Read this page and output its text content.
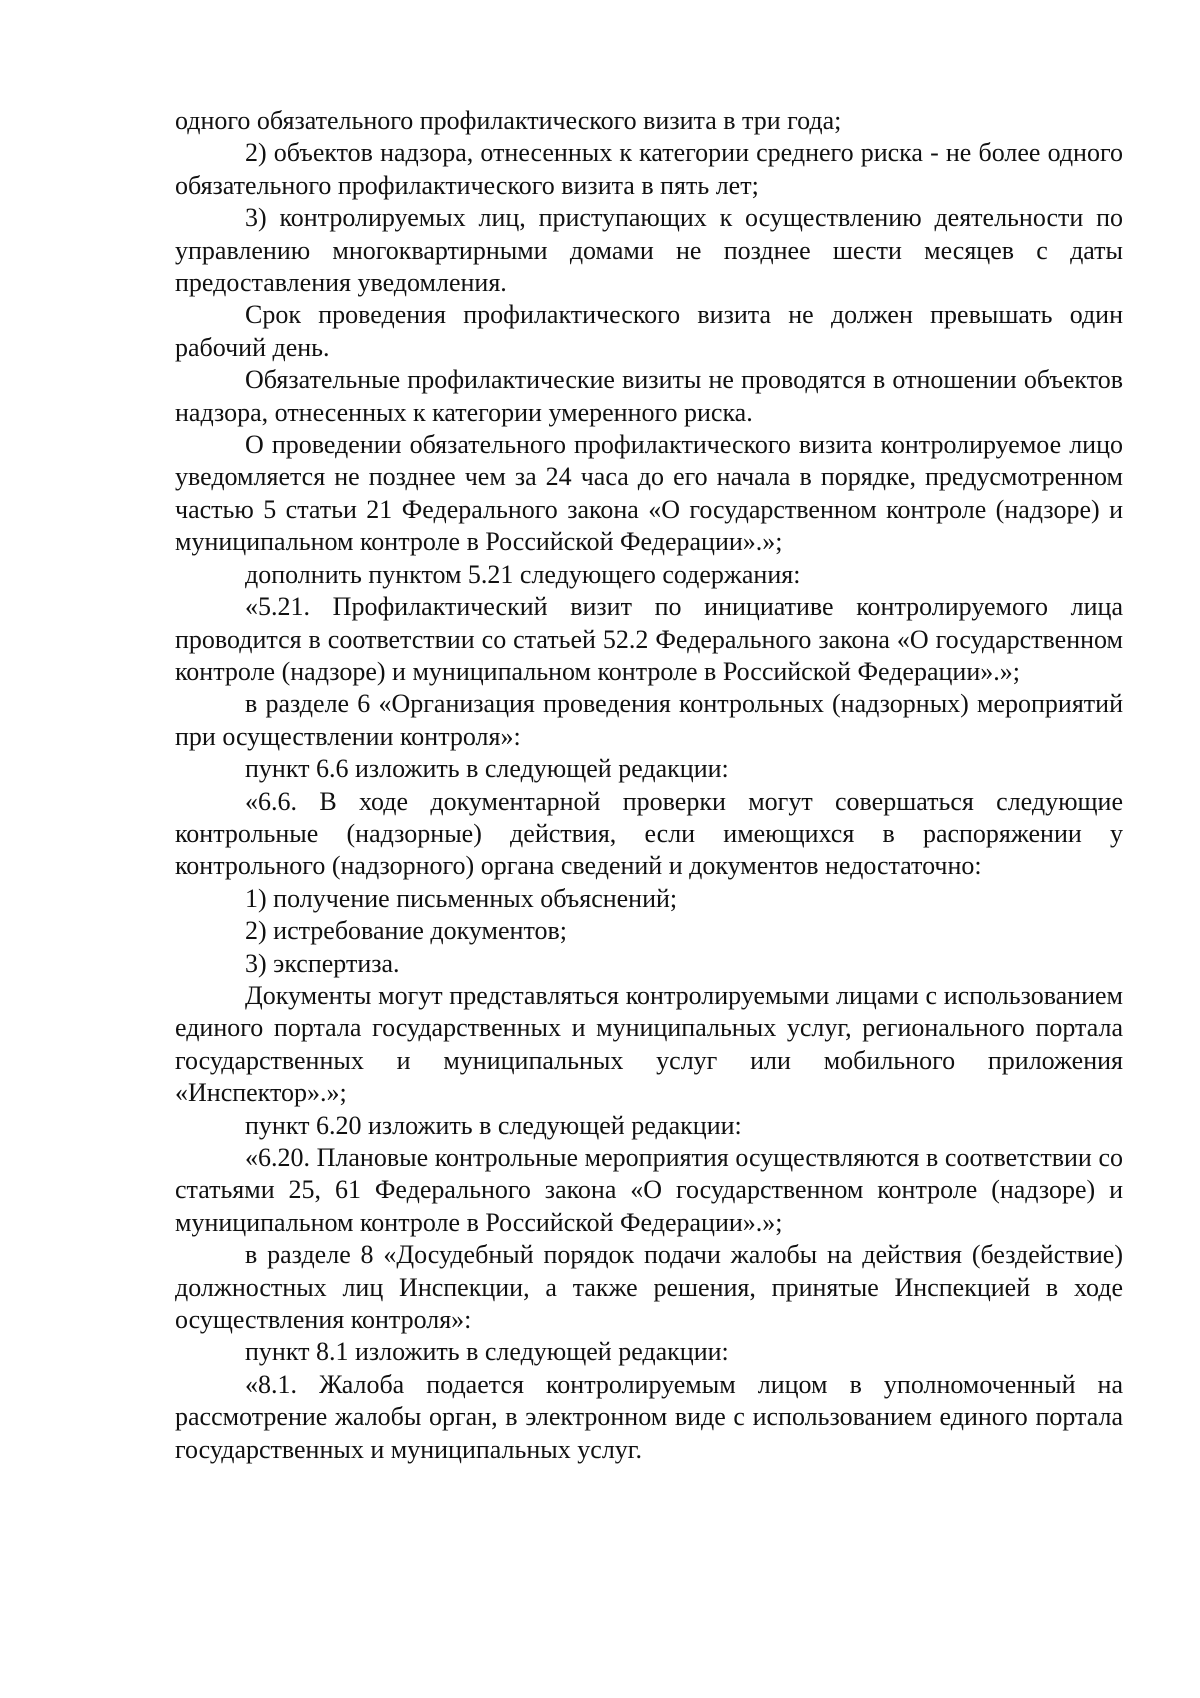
одного обязательного профилактического визита в три года;

2) объектов надзора, отнесенных к категории среднего риска - не более одного обязательного профилактического визита в пять лет;

3) контролируемых лиц, приступающих к осуществлению деятельности по управлению многоквартирными домами не позднее шести месяцев с даты предоставления уведомления.

Срок проведения профилактического визита не должен превышать один рабочий день.

Обязательные профилактические визиты не проводятся в отношении объектов надзора, отнесенных к категории умеренного риска.

О проведении обязательного профилактического визита контролируемое лицо уведомляется не позднее чем за 24 часа до его начала в порядке, предусмотренном частью 5 статьи 21 Федерального закона «О государственном контроле (надзоре) и муниципальном контроле в Российской Федерации».»;

дополнить пунктом 5.21 следующего содержания:

«5.21. Профилактический визит по инициативе контролируемого лица проводится в соответствии со статьей 52.2 Федерального закона «О государственном контроле (надзоре) и муниципальном контроле в Российской Федерации».»;

в разделе 6 «Организация проведения контрольных (надзорных) мероприятий при осуществлении контроля»:

пункт 6.6 изложить в следующей редакции:

«6.6. В ходе документарной проверки могут совершаться следующие контрольные (надзорные) действия, если имеющихся в распоряжении у контрольного (надзорного) органа сведений и документов недостаточно:

1) получение письменных объяснений;

2) истребование документов;

3) экспертиза.

Документы могут представляться контролируемыми лицами с использованием единого портала государственных и муниципальных услуг, регионального портала государственных и муниципальных услуг или мобильного приложения «Инспектор».»;

пункт 6.20 изложить в следующей редакции:

«6.20. Плановые контрольные мероприятия осуществляются в соответствии со статьями 25, 61 Федерального закона «О государственном контроле (надзоре) и муниципальном контроле в Российской Федерации».»;

в разделе 8 «Досудебный порядок подачи жалобы на действия (бездействие) должностных лиц Инспекции, а также решения, принятые Инспекцией в ходе осуществления контроля»:

пункт 8.1 изложить в следующей редакции:

«8.1. Жалоба подается контролируемым лицом в уполномоченный на рассмотрение жалобы орган, в электронном виде с использованием единого портала государственных и муниципальных услуг.
